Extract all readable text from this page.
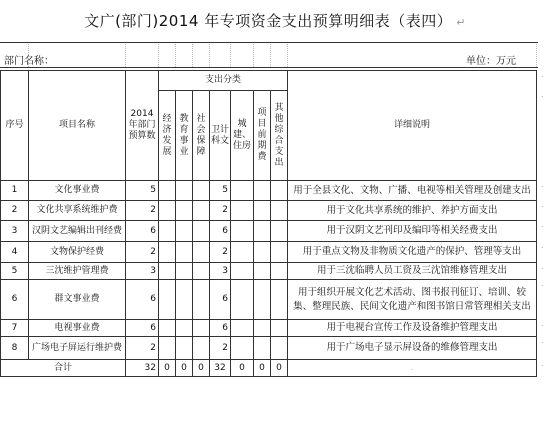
文广(部门)2014 年专项资金支出预算明细表（表四） ↵
部门名称：	单位：万元
序号	项目名称	2014年部门预算数	支出分类							详细说明
			经济发展	教育事业	社会保障	卫计科文	城建、住房	项目前期费	其他综合支出	
1	文化事业费	5				5				用于全县文化、文物、广播、电视等相关管理及创建支出
2	文化共享系统维护费	2				2				用于文化共享系统的维护、养护方面支出
3	汉阴文艺编辑出刊经费	6				6				用于汉阴文艺刊印及编印等相关经费支出
4	文物保护经费	2				2				用于重点文物及非物质文化遗产的保护、管理等支出
5	三沈维护管理费	3				3				用于三沈临聘人员工资及三沈馆维修管理支出
6	群文事业费	6				6				用于组织开展文化艺术活动、图书报刊征订、培训、较集、整理民族、民间文化遗产和图书馆日常管理相关支出
7	电视事业费	6				6				用于电视台宣传工作及设备维护管理支出
8	广场电子屏运行维护费	2				2				用于广场电子显示屏设备的维修管理支出
合计		32	0	0	0	32	0	0	0	.
.
.
.
.
.
.
.
.
.
.
.
